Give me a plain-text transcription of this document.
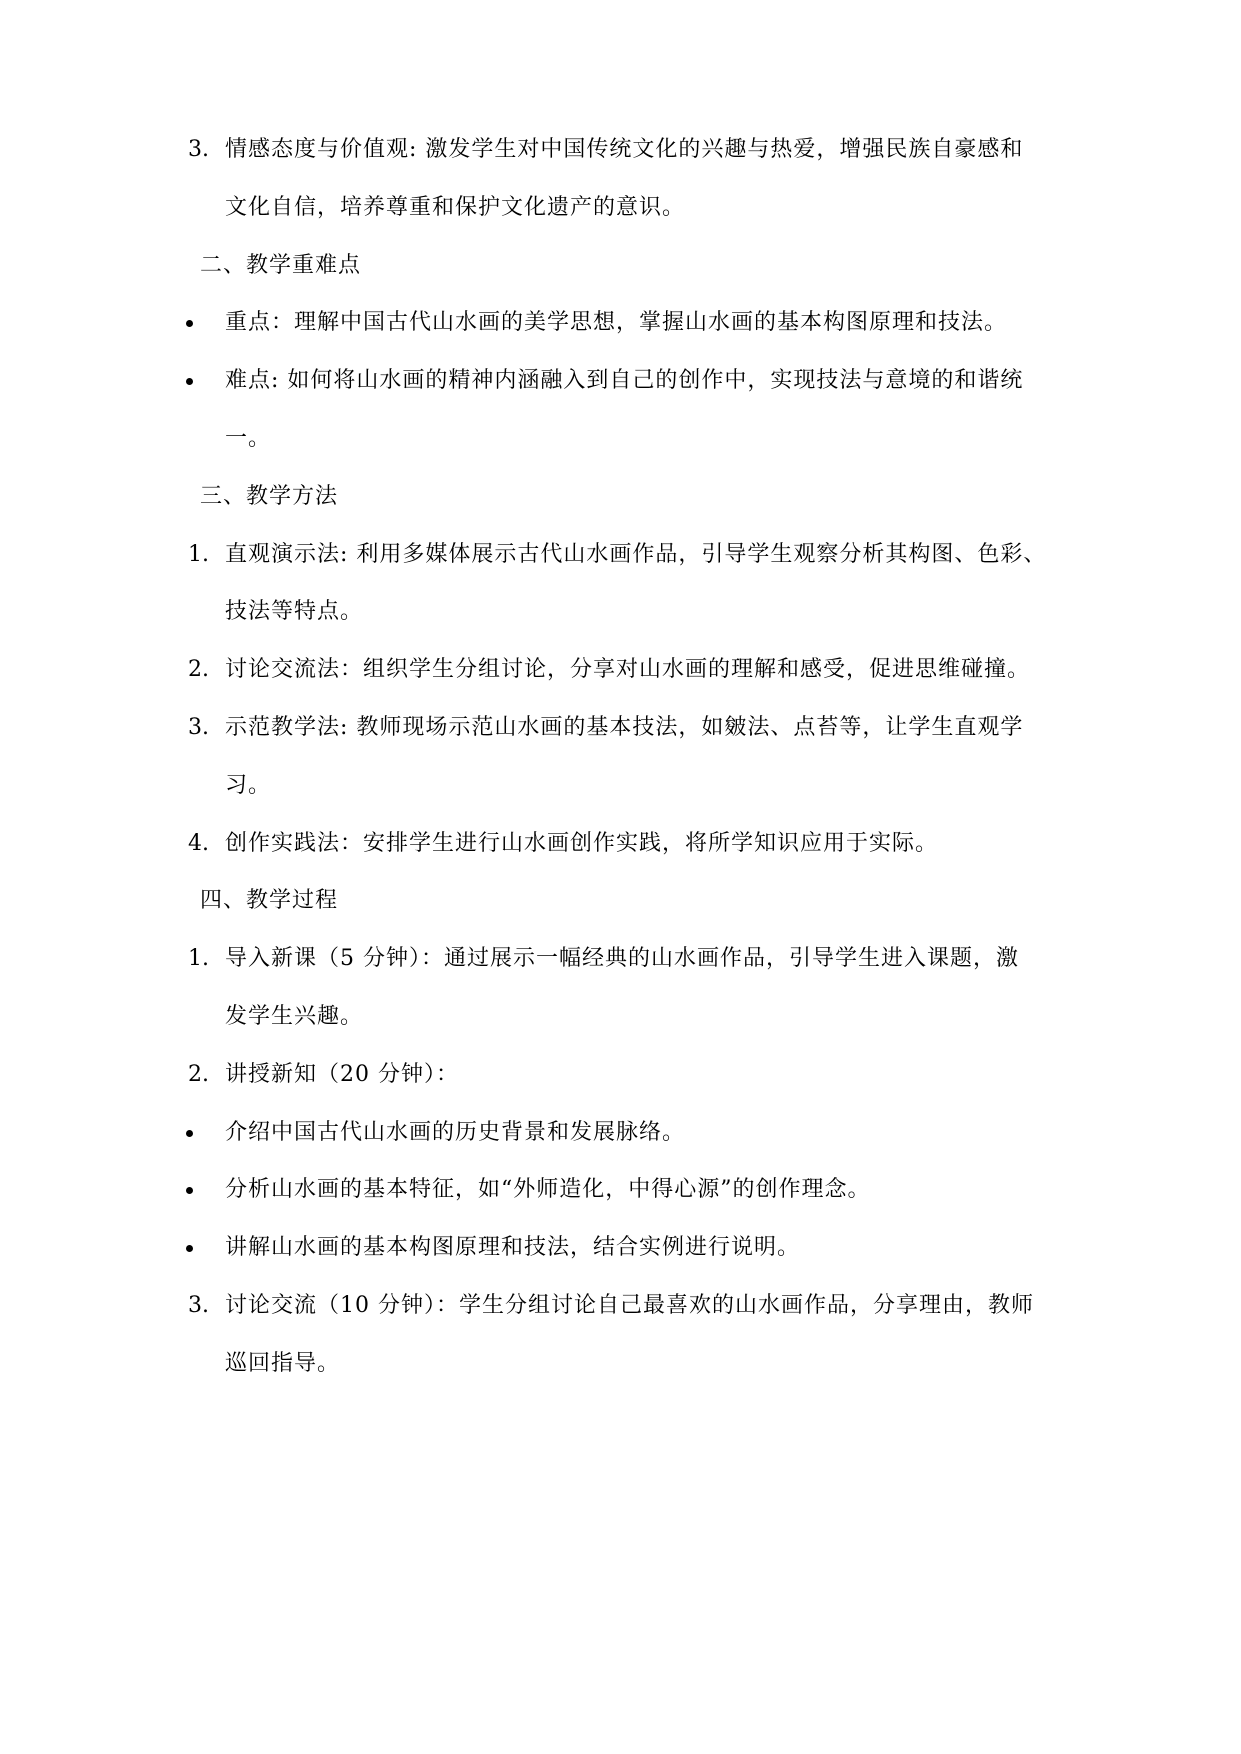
3. 情感态度与价值观: 激发学生对中国传统文化的兴趣与热爱，增强民族自豪感和
文化自信，培养尊重和保护文化遗产的意识。
二、教学重难点
重点：理解中国古代山水画的美学思想，掌握山水画的基本构图原理和技法。
难点: 如何将山水画的精神内涵融入到自己的创作中，实现技法与意境的和谐统
一。
三、教学方法
1. 直观演示法: 利用多媒体展示古代山水画作品，引导学生观察分析其构图、色彩、
技法等特点。
2. 讨论交流法：组织学生分组讨论，分享对山水画的理解和感受，促进思维碰撞。
3. 示范教学法: 教师现场示范山水画的基本技法，如皴法、点苔等，让学生直观学
习。
4. 创作实践法：安排学生进行山水画创作实践，将所学知识应用于实际。
四、教学过程
1. 导入新课（5 分钟）：通过展示一幅经典的山水画作品，引导学生进入课题，激
发学生兴趣。
2. 讲授新知（20 分钟）：
介绍中国古代山水画的历史背景和发展脉络。
分析山水画的基本特征，如“外师造化，中得心源”的创作理念。
讲解山水画的基本构图原理和技法，结合实例进行说明。
3. 讨论交流（10 分钟）：学生分组讨论自己最喜欢的山水画作品，分享理由，教师
巡回指导。
